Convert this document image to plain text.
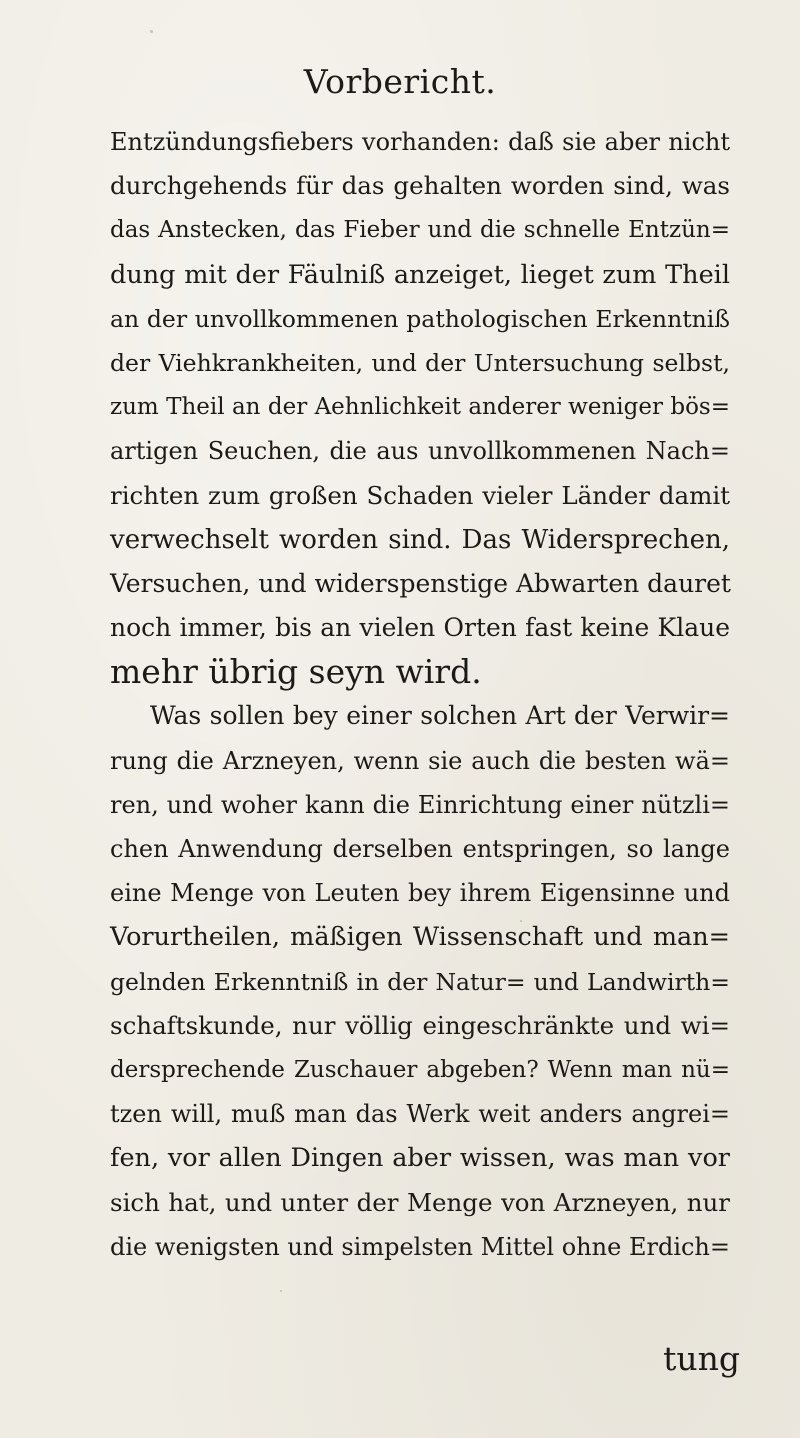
Vorbericht.
Entzündungsfiebers vorhanden: daß sie aber nicht
durchgehends für das gehalten worden sind, was
das Anstecken, das Fieber und die schnelle Entzün=
dung mit der Fäulniß anzeiget, lieget zum Theil
an der unvollkommenen pathologischen Erkenntniß
der Viehkrankheiten, und der Untersuchung selbst,
zum Theil an der Aehnlichkeit anderer weniger bös=
artigen Seuchen, die aus unvollkommenen Nach=
richten zum großen Schaden vieler Länder damit
verwechselt worden sind. Das Widersprechen,
Versuchen, und widerspenstige Abwarten dauret
noch immer, bis an vielen Orten fast keine Klaue
mehr übrig seyn wird.
Was sollen bey einer solchen Art der Verwir=
rung die Arzneyen, wenn sie auch die besten wä=
ren, und woher kann die Einrichtung einer nützli=
chen Anwendung derselben entspringen, so lange
eine Menge von Leuten bey ihrem Eigensinne und
Vorurtheilen, mäßigen Wissenschaft und man=
gelnden Erkenntniß in der Natur= und Landwirth=
schaftskunde, nur völlig eingeschränkte und wi=
dersprechende Zuschauer abgeben? Wenn man nü=
tzen will, muß man das Werk weit anders angrei=
fen, vor allen Dingen aber wissen, was man vor
sich hat, und unter der Menge von Arzneyen, nur
die wenigsten und simpelsten Mittel ohne Erdich=
tung
